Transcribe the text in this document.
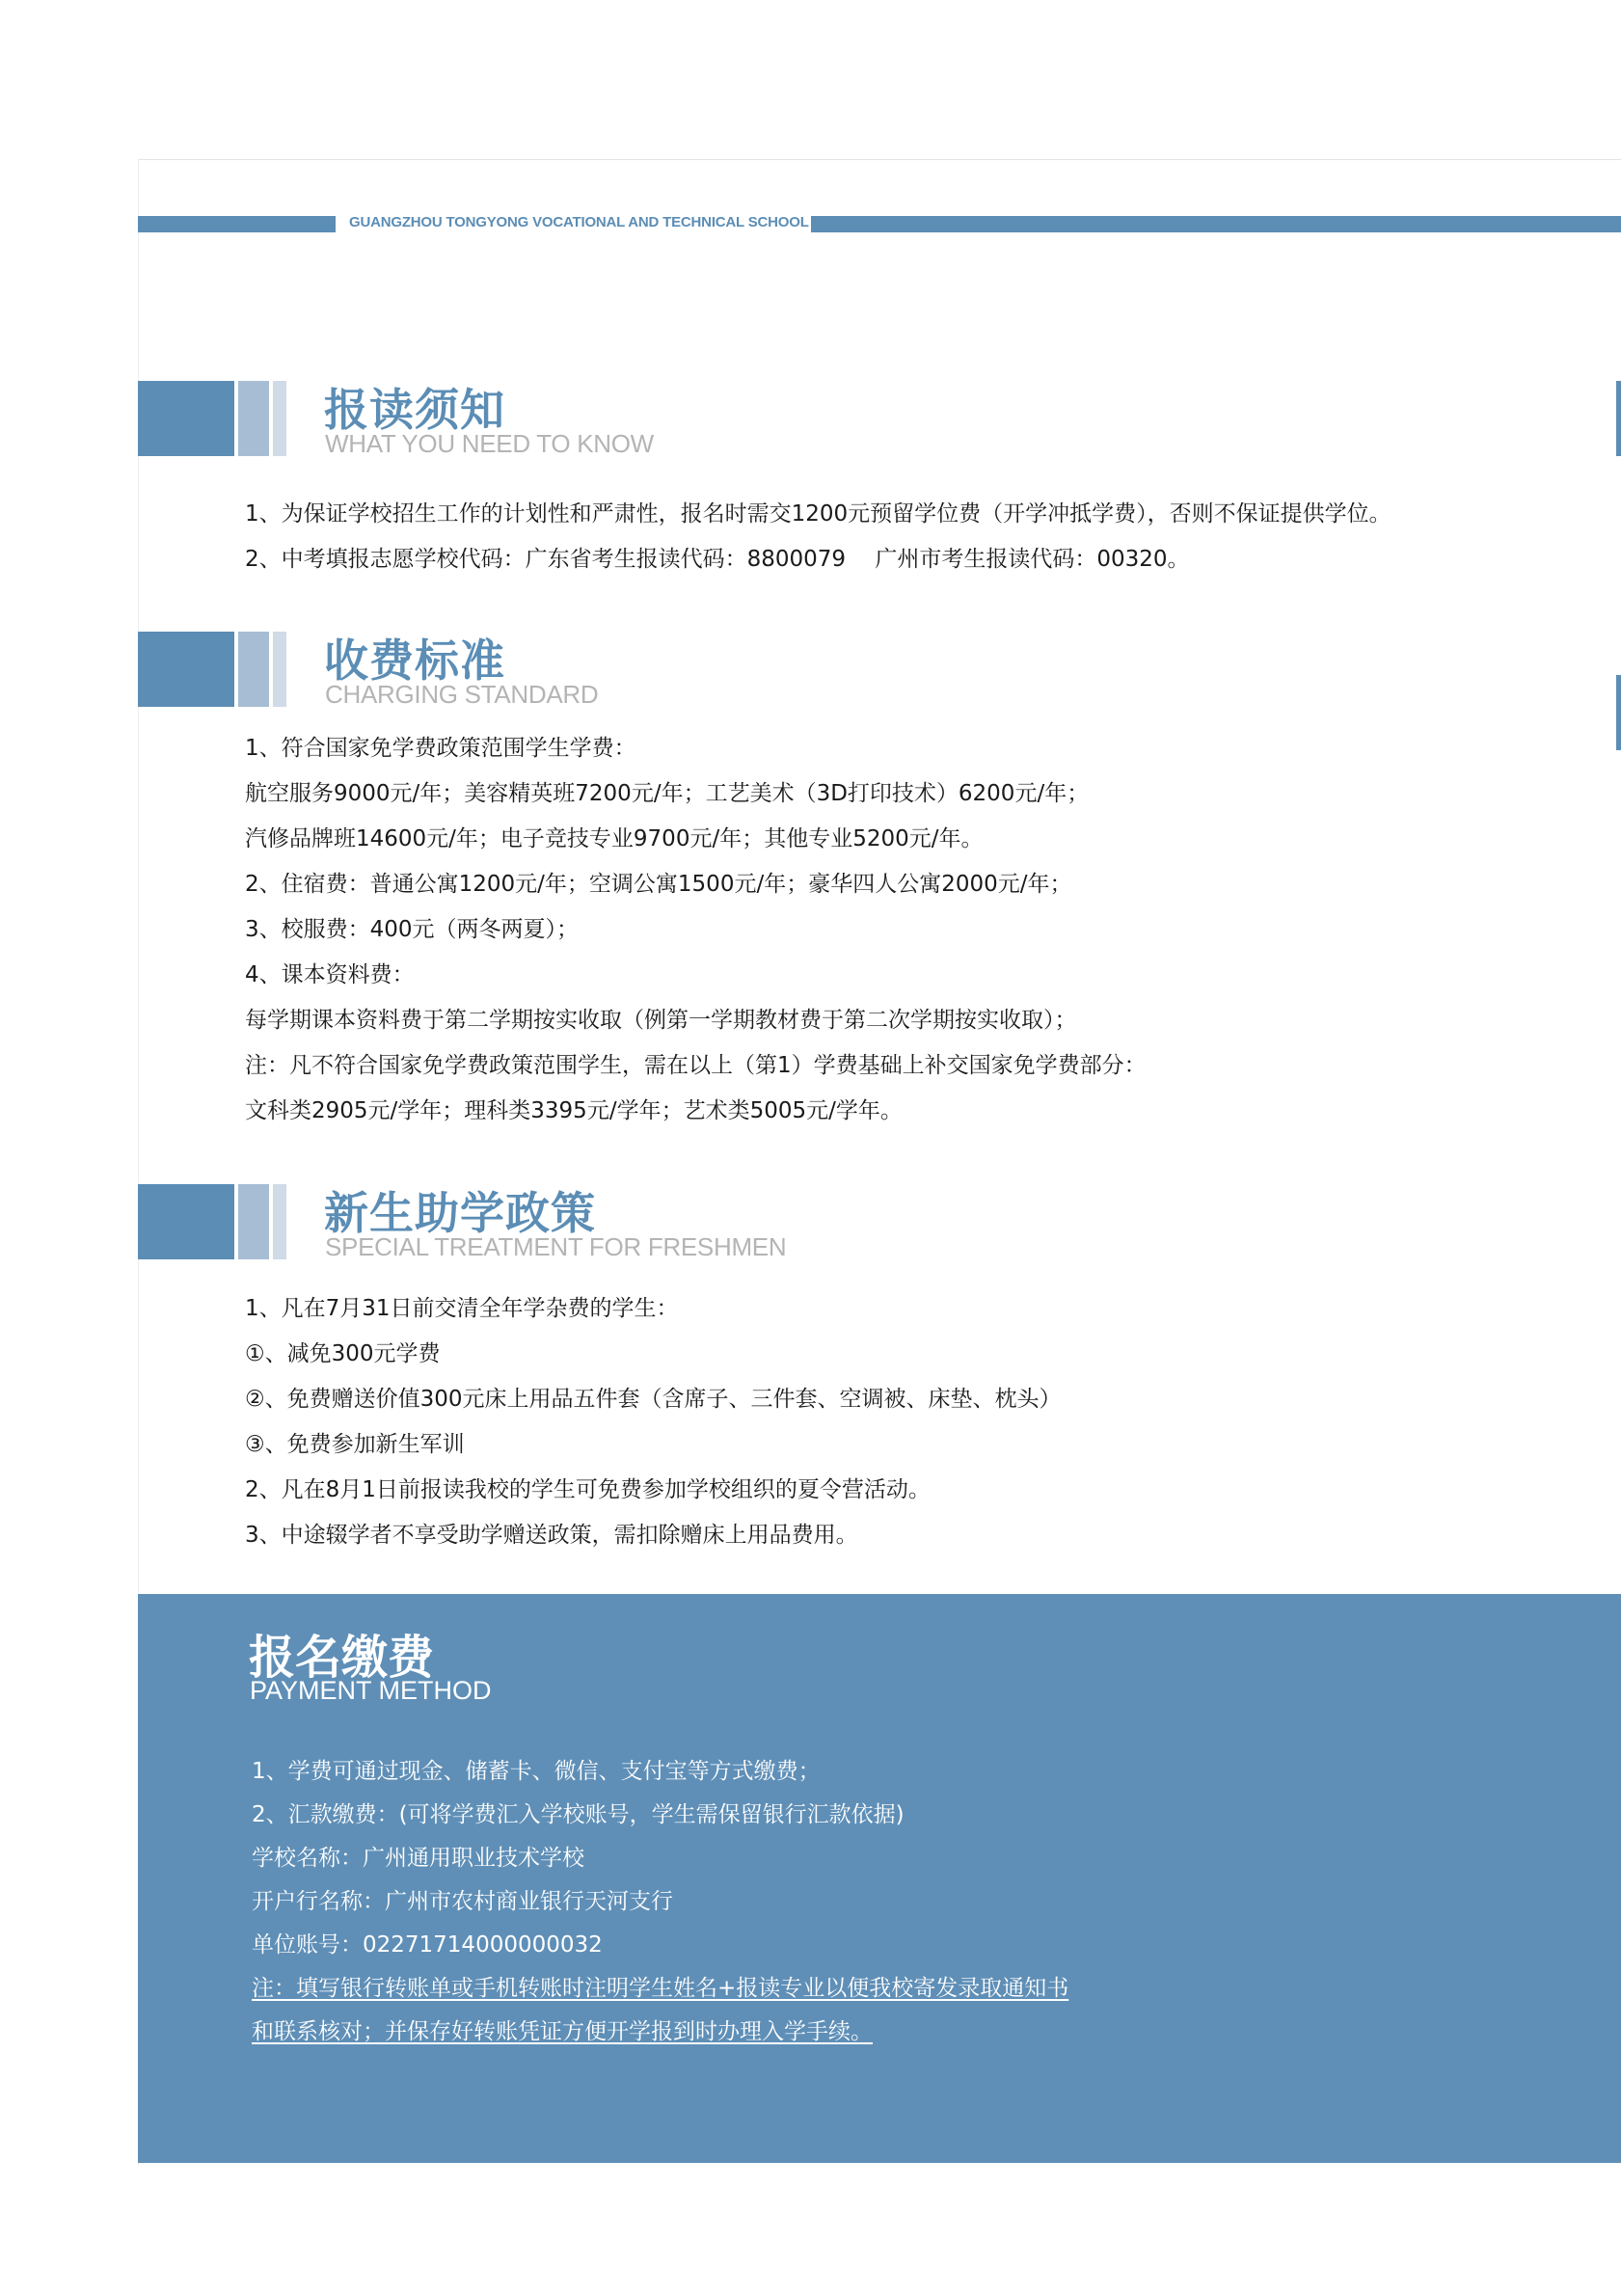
GUANGZHOU TONGYONG VOCATIONAL AND TECHNICAL SCHOOL
报读须知
WHAT YOU NEED TO KNOW
1、为保证学校招生工作的计划性和严肃性，报名时需交1200元预留学位费（开学冲抵学费），否则不保证提供学位。
2、中考填报志愿学校代码：广东省考生报读代码：8800079　 广州市考生报读代码：00320。
收费标准
CHARGING STANDARD
1、符合国家免学费政策范围学生学费：
航空服务9000元/年；美容精英班7200元/年；工艺美术（3D打印技术）6200元/年；
汽修品牌班14600元/年；电子竞技专业9700元/年；其他专业5200元/年。
2、住宿费：普通公寓1200元/年；空调公寓1500元/年；豪华四人公寓2000元/年；
3、校服费：400元（两冬两夏）；
4、课本资料费：
每学期课本资料费于第二学期按实收取（例第一学期教材费于第二次学期按实收取）；
注：凡不符合国家免学费政策范围学生，需在以上（第1）学费基础上补交国家免学费部分：
文科类2905元/学年；理科类3395元/学年；艺术类5005元/学年。
新生助学政策
SPECIAL TREATMENT FOR FRESHMEN
1、凡在7月31日前交清全年学杂费的学生：
①、减免300元学费
②、免费赠送价值300元床上用品五件套（含席子、三件套、空调被、床垫、枕头）
③、免费参加新生军训
2、凡在8月1日前报读我校的学生可免费参加学校组织的夏令营活动。
3、中途辍学者不享受助学赠送政策，需扣除赠床上用品费用。
报名缴费
PAYMENT METHOD
1、学费可通过现金、储蓄卡、微信、支付宝等方式缴费；
2、汇款缴费：(可将学费汇入学校账号，学生需保留银行汇款依据)
学校名称：广州通用职业技术学校
开户行名称：广州市农村商业银行天河支行
单位账号：02271714000000032
注：填写银行转账单或手机转账时注明学生姓名+报读专业以便我校寄发录取通知书
和联系核对；并保存好转账凭证方便开学报到时办理入学手续。
